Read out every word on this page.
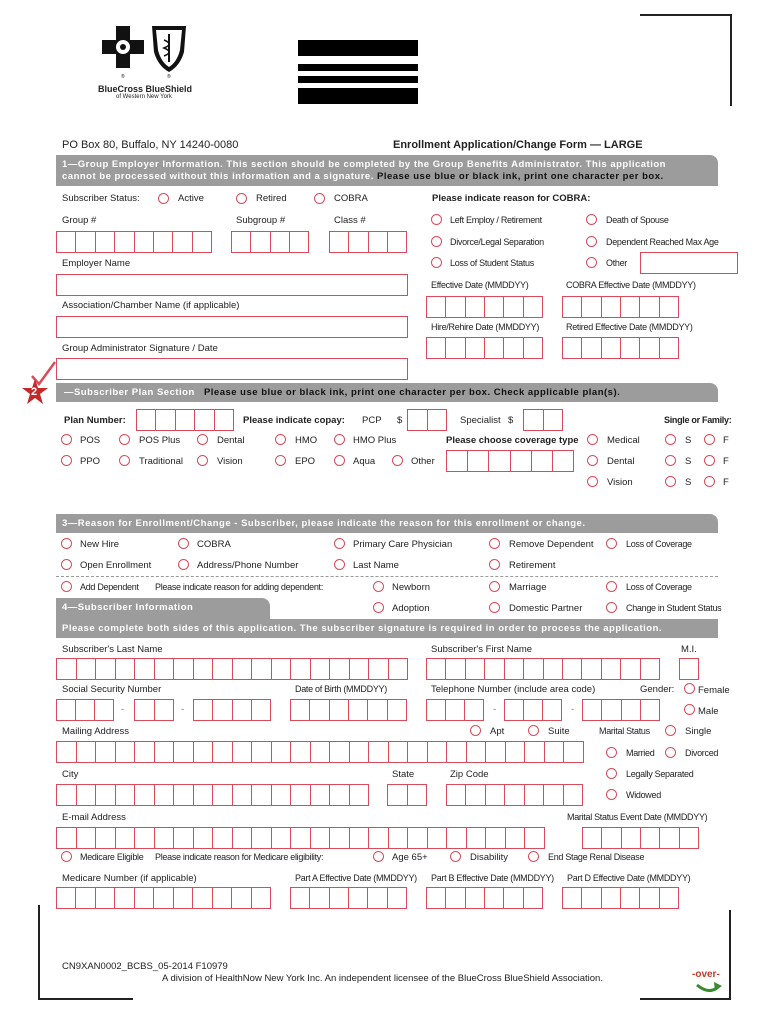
®	®
BlueCross BlueShield
of Western New York
PO Box 80, Buffalo, NY 14240-0080	Enrollment Application/Change Form — LARGE
1—Group Employer Information. This section should be completed by the Group Benefits Administrator. This application
cannot be processed without this information and a signature. Please use blue or black ink, print one character per box.
Subscriber Status:	Active	Retired	COBRA	Please indicate reason for COBRA:
Group #	Subgroup #	Class #	Left Employ / Retirement	Death of Spouse
Divorce/Legal Separation	Dependent Reached Max Age
Loss of Student Status	Other
Employer Name
Effective Date (MMDDYY)	COBRA Effective Date (MMDDYY)
Association/Chamber Name (if applicable)
Hire/Rehire Date (MMDDYY)	Retired Effective Date (MMDDYY)
Group Administrator Signature / Date
—Subscriber Plan Section Please use blue or black ink, print one character per box. Check applicable plan(s).
2
Plan Number:	Please indicate copay: PCP $	Specialist $	Single or Family:
POS	POS Plus	Dental	HMO	HMO Plus	Please choose coverage type	Medical	S	F
PPO	Traditional	Vision	EPO	Aqua	Other	Dental	S	F
Vision	S	F
3—Reason for Enrollment/Change - Subscriber, please indicate the reason for this enrollment or change.
New Hire	COBRA	Primary Care Physician	Remove Dependent	Loss of Coverage
Open Enrollment	Address/Phone Number	Last Name	Retirement
Add Dependent Please indicate reason for adding dependent:	Newborn	Marriage	Loss of Coverage
4—Subscriber Information	Adoption	Domestic Partner	Change in Student Status
Please complete both sides of this application. The subscriber signature is required in order to process the application.
Subscriber's Last Name	Subscriber's First Name	M.I.
Social Security Number	Date of Birth (MMDDYY)	Telephone Number (include area code)	Gender: Female
Male
-	-	-	-
Mailing Address	Apt	Suite	Marital Status	Single
Married	Divorced
City	State	Zip Code	Legally Separated
Widowed
E-mail Address	Marital Status Event Date (MMDDYY)
Medicare Eligible Please indicate reason for Medicare eligibility:	Age 65+	Disability	End Stage Renal Disease
Medicare Number (if applicable)	Part A Effective Date (MMDDYY) Part B Effective Date (MMDDYY) Part D Effective Date (MMDDYY)
CN9XAN0002_BCBS_05-2014 F10979
A division of HealthNow New York Inc. An independent licensee of the BlueCross BlueShield Association.	-over-
